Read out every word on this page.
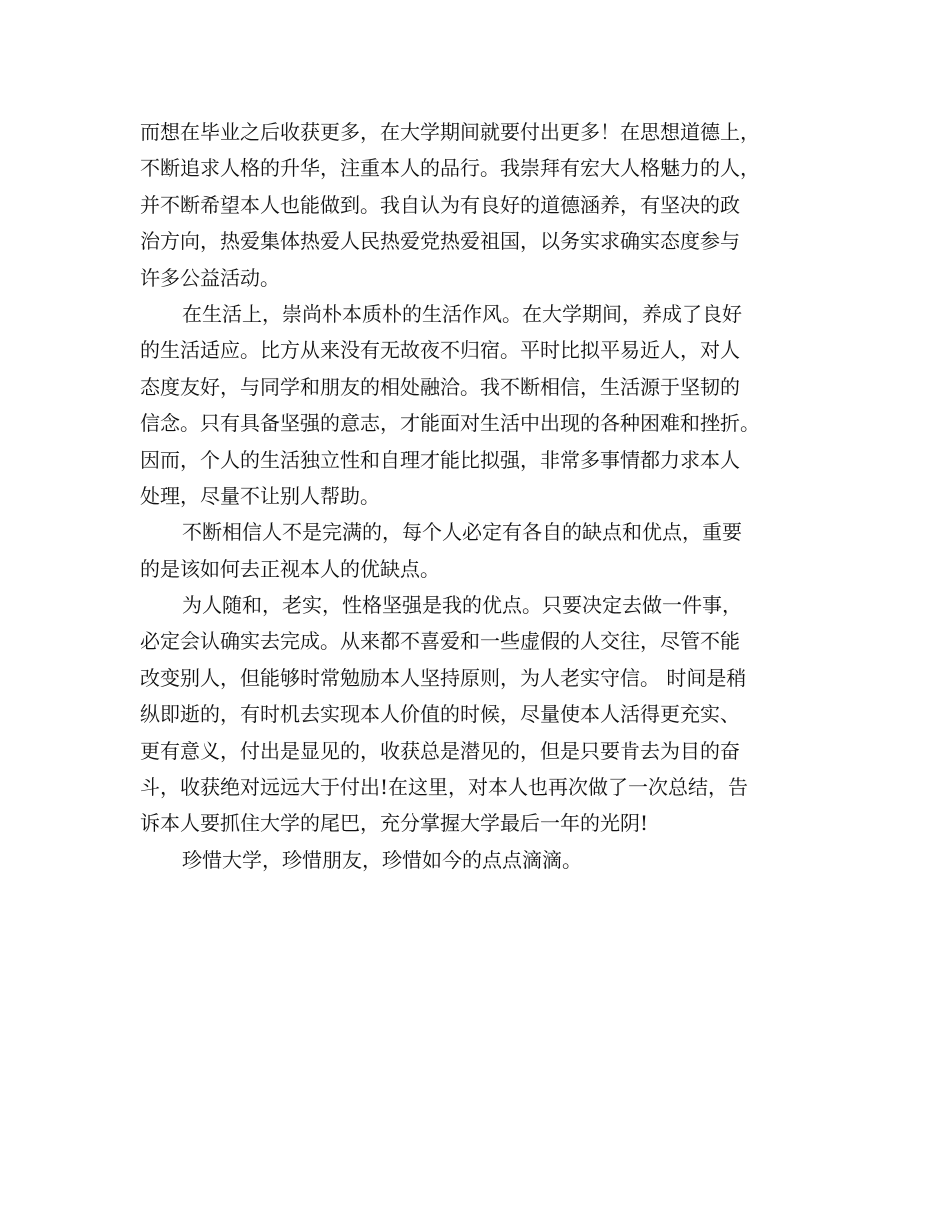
而想在毕业之后收获更多，在大学期间就要付出更多！在思想道德上，
不断追求人格的升华，注重本人的品行。我崇拜有宏大人格魅力的人，
并不断希望本人也能做到。我自认为有良好的道德涵养，有坚决的政
治方向，热爱集体热爱人民热爱党热爱祖国，以务实求确实态度参与
许多公益活动。
在生活上，崇尚朴本质朴的生活作风。在大学期间，养成了良好
的生活适应。比方从来没有无故夜不归宿。平时比拟平易近人，对人
态度友好，与同学和朋友的相处融洽。我不断相信，生活源于坚韧的
信念。只有具备坚强的意志，才能面对生活中出现的各种困难和挫折。
因而，个人的生活独立性和自理才能比拟强，非常多事情都力求本人
处理，尽量不让别人帮助。
不断相信人不是完满的，每个人必定有各自的缺点和优点，重要
的是该如何去正视本人的优缺点。
为人随和，老实，性格坚强是我的优点。只要决定去做一件事，
必定会认确实去完成。从来都不喜爱和一些虚假的人交往，尽管不能
改变别人，但能够时常勉励本人坚持原则，为人老实守信。 时间是稍
纵即逝的，有时机去实现本人价值的时候，尽量使本人活得更充实、
更有意义，付出是显见的，收获总是潜见的，但是只要肯去为目的奋
斗，收获绝对远远大于付出!在这里，对本人也再次做了一次总结，告
诉本人要抓住大学的尾巴，充分掌握大学最后一年的光阴!
珍惜大学，珍惜朋友，珍惜如今的点点滴滴。
